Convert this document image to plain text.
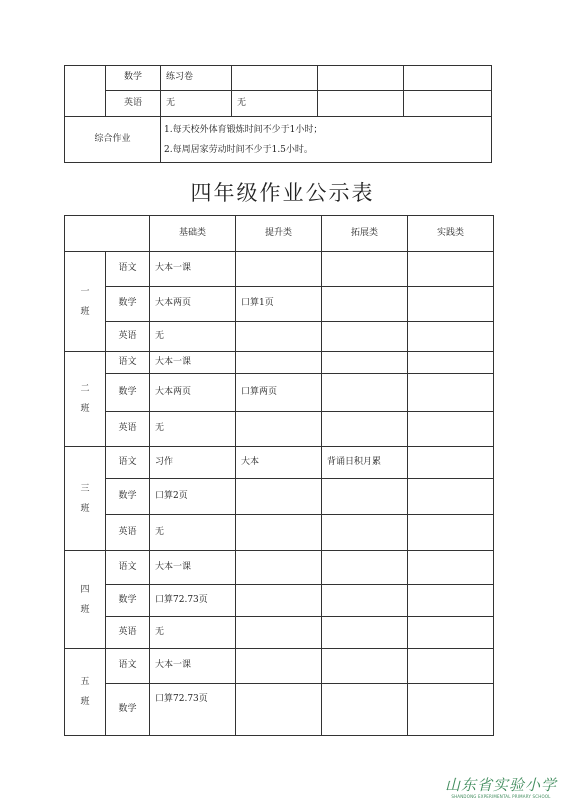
	数学	练习卷			
	英语	无	无		
综合作业		1.每天校外体育锻炼时间不少于1小时；
2.每周居家劳动时间不少于1.5小时。			
四年级作业公示表
		基础类	提升类	拓展类	实践类

一
班	语文	大本一课			
	数学	大本两页	口算1页		
	英语	无			

二
班	语文	大本一课			
	数学	大本两页	口算两页		
	英语	无			

三
班	语文	习作	大本	背诵日积月累	
	数学	口算2页			
	英语	无			

四
班	语文	大本一课			
	数学	口算72.73页			
	英语	无			

五
班	语文	大本一课			
	数学	口算72.73页			
山东省实验小学
SHANDONG EXPERIMENTAL PRIMARY SCHOOL
